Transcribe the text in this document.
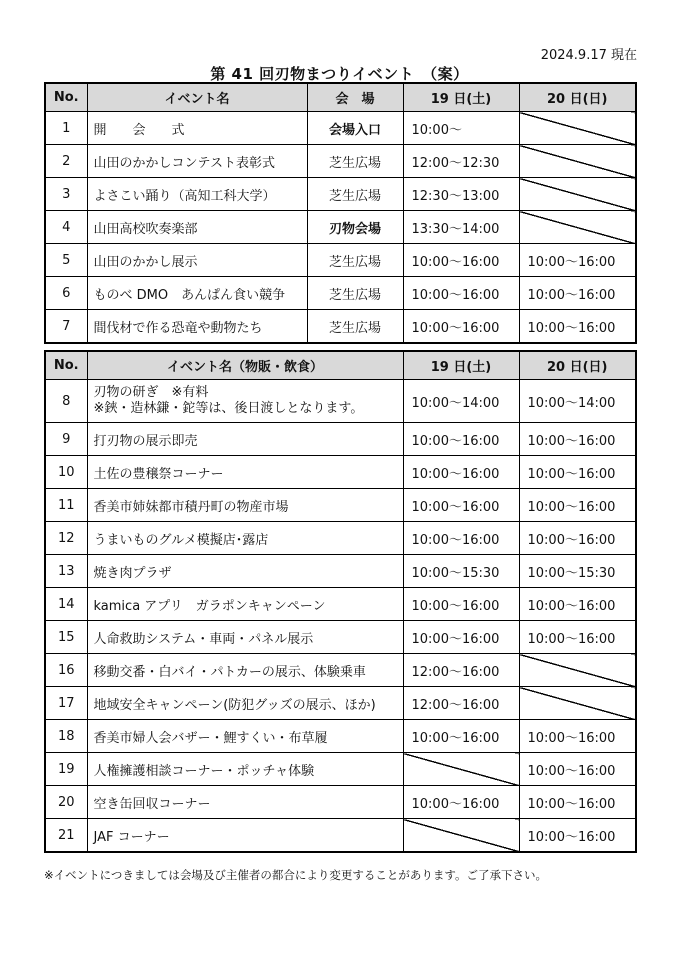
2024.9.17 現在
第 41 回刃物まつりイベント　（案）
No.	イベント名	会　場	19 日(土)	20 日(日)
1	開　　会　　式	会場入口	10:00～	
2	山田のかかしコンテスト表彰式	芝生広場	12:00～12:30	
3	よさこい踊り（高知工科大学）	芝生広場	12:30～13:00	
4	山田高校吹奏楽部	刃物会場	13:30～14:00	
5	山田のかかし展示	芝生広場	10:00～16:00	10:00～16:00
6	ものべ DMO　あんぱん食い競争	芝生広場	10:00～16:00	10:00～16:00
7	間伐材で作る恐竜や動物たち	芝生広場	10:00～16:00	10:00～16:00
No.	イベント名（物販・飲食）	19 日(土)	20 日(日)
8	刃物の研ぎ　※有料
※鋏・造林鎌・鉈等は、後日渡しとなります。	10:00～14:00	10:00～14:00
9	打刃物の展示即売	10:00～16:00	10:00～16:00
10	土佐の豊穣祭コーナー	10:00～16:00	10:00～16:00
11	香美市姉妹都市積丹町の物産市場	10:00～16:00	10:00～16:00
12	うまいものグルメ模擬店･露店	10:00～16:00	10:00～16:00
13	焼き肉プラザ	10:00～15:30	10:00～15:30
14	kamica アプリ　ガラポンキャンペーン	10:00～16:00	10:00～16:00
15	人命救助システム・車両・パネル展示	10:00～16:00	10:00～16:00
16	移動交番・白バイ・パトカーの展示、体験乗車	12:00～16:00	
17	地域安全キャンペーン(防犯グッズの展示、ほか)	12:00～16:00	
18	香美市婦人会バザー・鯉すくい・布草履	10:00～16:00	10:00～16:00
19	人権擁護相談コーナー・ポッチャ体験		10:00～16:00
20	空き缶回収コーナー	10:00～16:00	10:00～16:00
21	JAF コーナー		10:00～16:00
※イベントにつきましては会場及び主催者の都合により変更することがあります。ご了承下さい。
